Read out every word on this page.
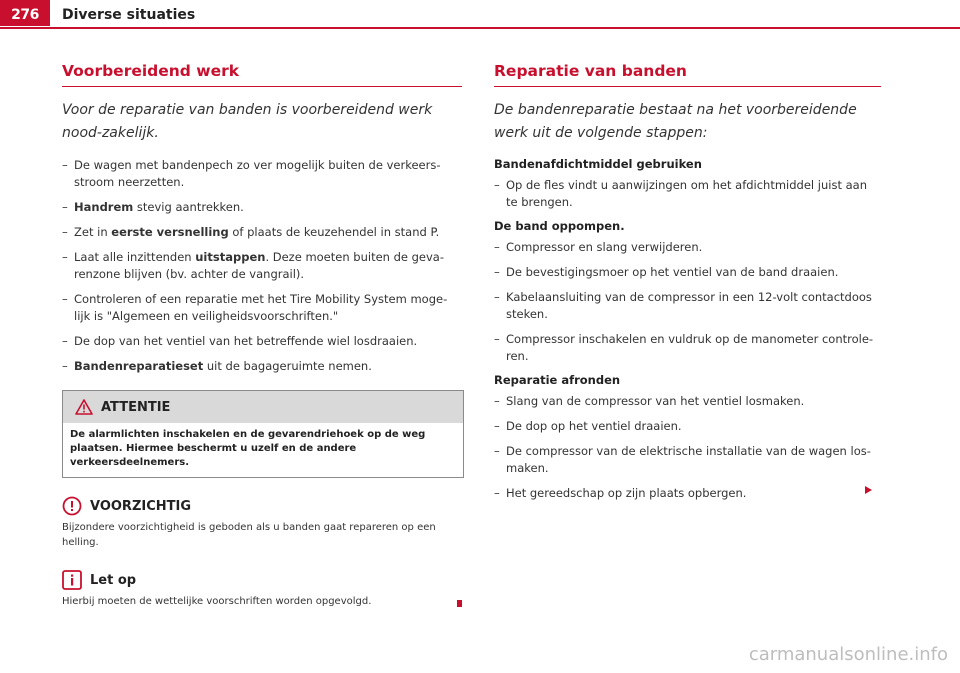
276	Diverse situaties
Voorbereidend werk
Voor de reparatie van banden is voorbereidend werk nood-zakelijk.
– De wagen met bandenpech zo ver mogelijk buiten de verkeers-stroom neerzetten.
– Handrem stevig aantrekken.
– Zet in eerste versnelling of plaats de keuzehendel in stand P.
– Laat alle inzittenden uitstappen. Deze moeten buiten de geva-renzone blijven (bv. achter de vangrail).
– Controleren of een reparatie met het Tire Mobility System moge-lijk is "Algemeen en veiligheidsvoorschriften."
– De dop van het ventiel van het betreffende wiel losdraaien.
– Bandenreparatieset uit de bagageruimte nemen.
ATTENTIE
De alarmlichten inschakelen en de gevarendriehoek op de weg plaatsen. Hiermee beschermt u uzelf en de andere verkeersdeelnemers.
VOORZICHTIG
Bijzondere voorzichtigheid is geboden als u banden gaat repareren op een helling.
Let op
Hierbij moeten de wettelijke voorschriften worden opgevolgd.
Reparatie van banden
De bandenreparatie bestaat na het voorbereidende werk uit de volgende stappen:
Bandenafdichtmiddel gebruiken
– Op de fles vindt u aanwijzingen om het afdichtmiddel juist aan te brengen.
De band oppompen.
– Compressor en slang verwijderen.
– De bevestigingsmoer op het ventiel van de band draaien.
– Kabelaansluiting van de compressor in een 12-volt contactdoos steken.
– Compressor inschakelen en vuldruk op de manometer controle-ren.
Reparatie afronden
– Slang van de compressor van het ventiel losmaken.
– De dop op het ventiel draaien.
– De compressor van de elektrische installatie van de wagen los-maken.
– Het gereedschap op zijn plaats opbergen.
carmanualsonline.info
